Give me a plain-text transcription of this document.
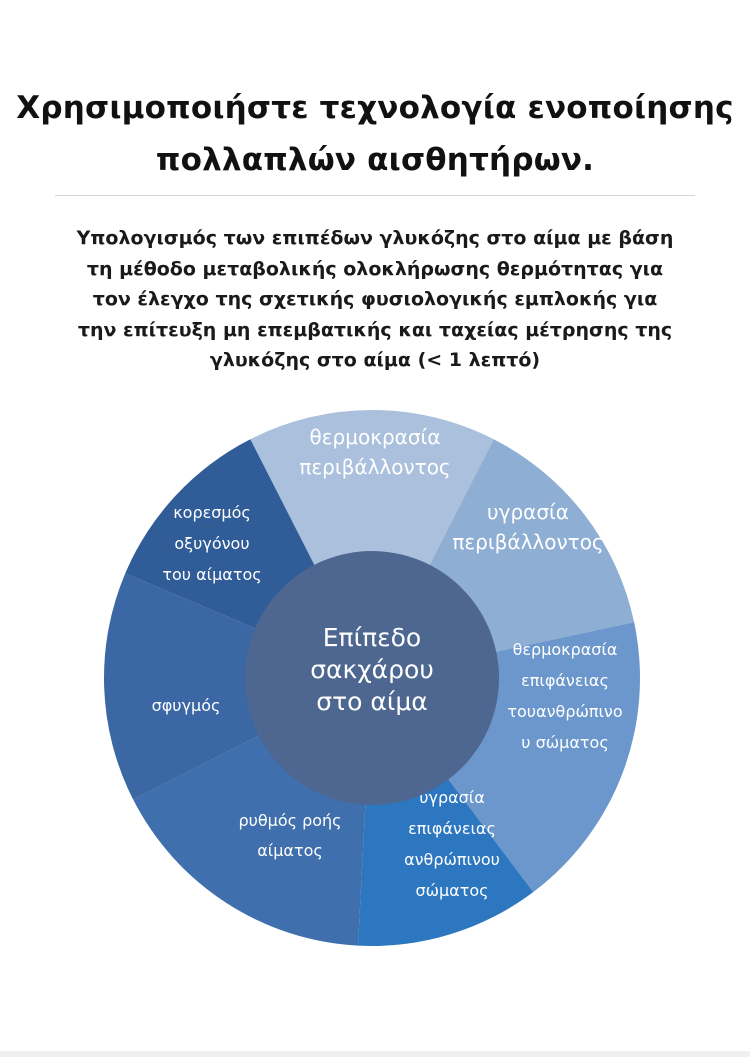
Χρησιμοποιήστε τεχνολογία ενοποίησης
πολλαπλών αισθητήρων.
Υπολογισμός των επιπέδων γλυκόζης στο αίμα με βάση
τη μέθοδο μεταβολικής ολοκλήρωσης θερμότητας για
τον έλεγχο της σχετικής φυσιολογικής εμπλοκής για
την επίτευξη μη επεμβατικής και ταχείας μέτρησης της
γλυκόζης στο αίμα (< 1 λεπτό)
θερμοκρασία περιβάλλοντος
υγρασία περιβάλλοντος
θερμοκρασία επιφάνειας τουανθρώπινο υ σώματος
υγρασία επιφάνειας ανθρώπινου σώματος
ρυθμός ροής αίματος
σφυγμός
κορεσμός οξυγόνου του αίματος
Επίπεδο σακχάρου στο αίμα
